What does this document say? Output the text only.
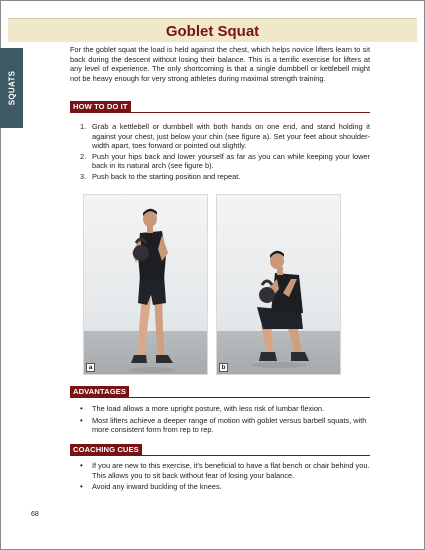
Goblet Squat
SQUATS

For the goblet squat the load is held against the chest, which helps novice lifters learn to sit back during the descent without losing their balance. This is a terrific exercise for lifters at any level of experience. The only shortcoming is that a single dumbbell or kettlebell might not be heavy enough for very strong athletes during maximal strength training.

HOW TO DO IT
1. Grab a kettlebell or dumbbell with both hands on one end, and stand holding it against your chest, just below your chin (see figure a). Set your feet about shoulder-width apart, toes forward or pointed out slightly.
2. Push your hips back and lower yourself as far as you can while keeping your lower back in its natural arch (see figure b).
3. Push back to the starting position and repeat.
a	b
ADVANTAGES
• The load allows a more upright posture, with less risk of lumbar flexion.
• Most lifters achieve a deeper range of motion with goblet versus barbell squats, with more consistent form from rep to rep.
COACHING CUES
• If you are new to this exercise, it's beneficial to have a flat bench or chair behind you. This allows you to sit back without fear of losing your balance.
• Avoid any inward buckling of the knees.
68
